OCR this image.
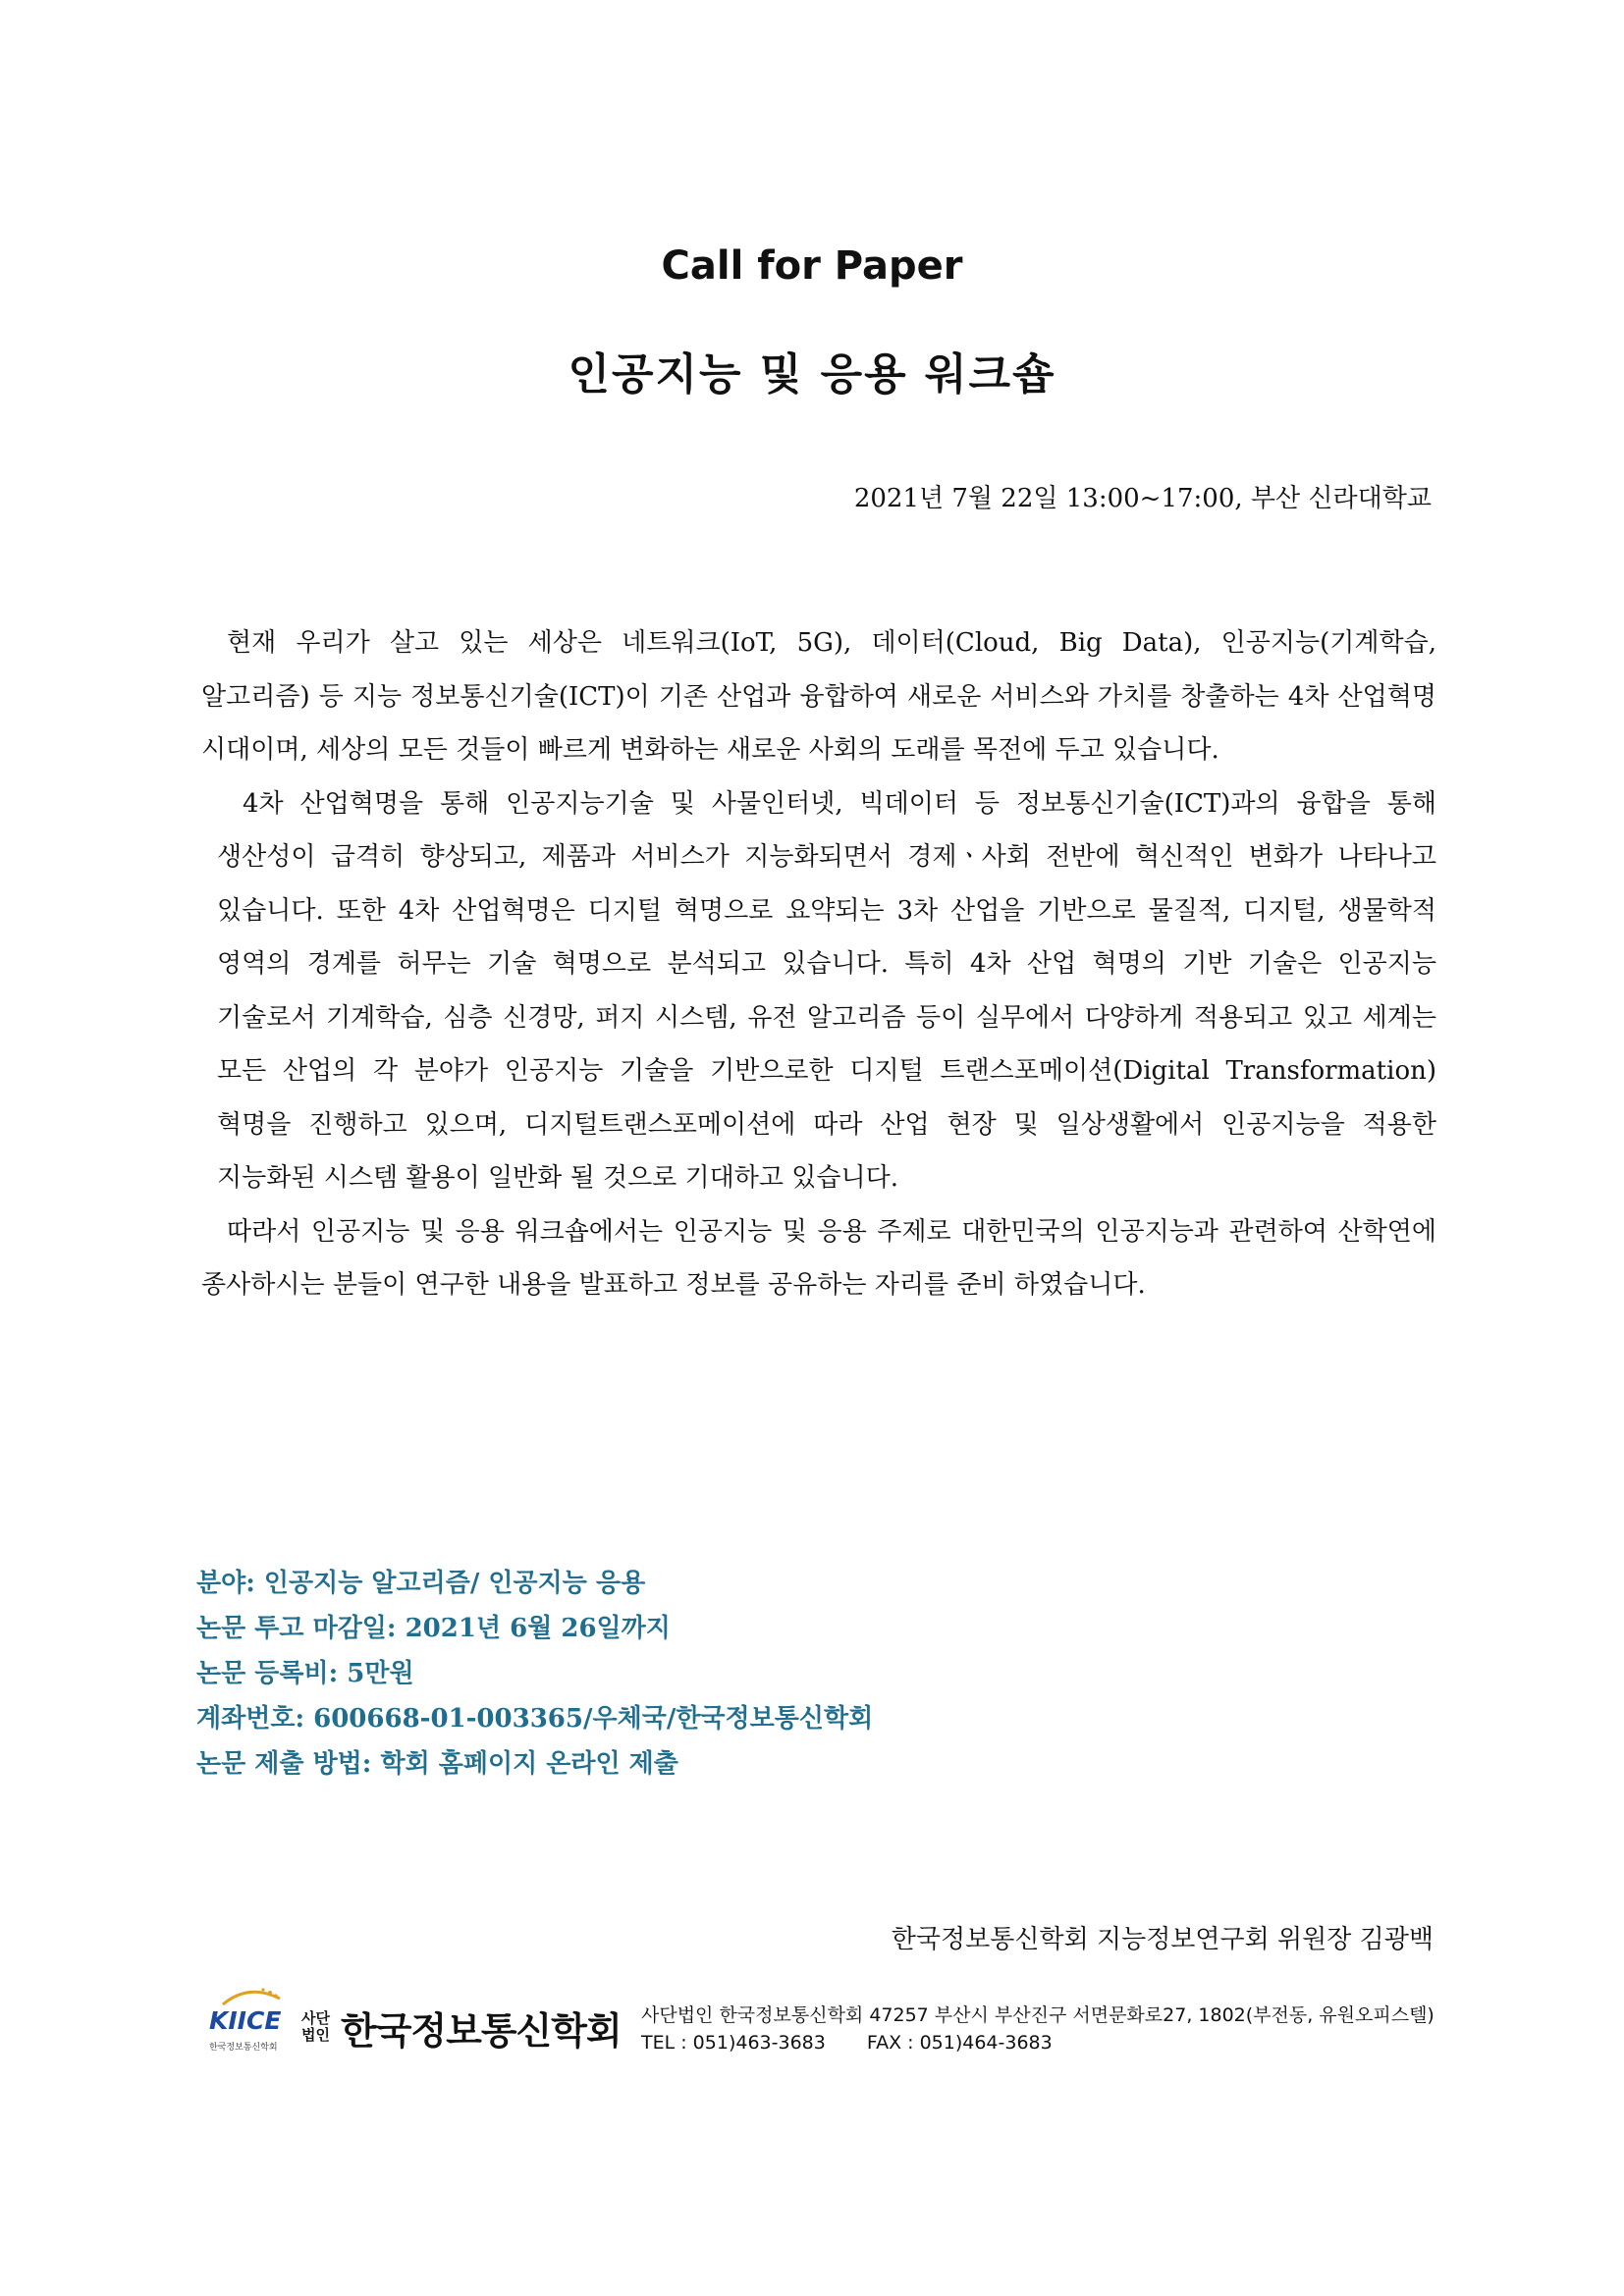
Call for Paper
인공지능 및 응용 워크숍
2021년 7월 22일 13:00~17:00, 부산 신라대학교

현재 우리가 살고 있는 세상은 네트워크(IoT, 5G), 데이터(Cloud, Big Data), 인공지능(기계학습, 알고리즘) 등 지능 정보통신기술(ICT)이 기존 산업과 융합하여 새로운 서비스와 가치를 창출하는 4차 산업혁명 시대이며, 세상의 모든 것들이 빠르게 변화하는 새로운 사회의 도래를 목전에 두고 있습니다.

4차 산업혁명을 통해 인공지능기술 및 사물인터넷, 빅데이터 등 정보통신기술(ICT)과의 융합을 통해 생산성이 급격히 향상되고, 제품과 서비스가 지능화되면서 경제ㆍ사회 전반에 혁신적인 변화가 나타나고 있습니다. 또한 4차 산업혁명은 디지털 혁명으로 요약되는 3차 산업을 기반으로 물질적, 디지털, 생물학적 영역의 경계를 허무는 기술 혁명으로 분석되고 있습니다. 특히 4차 산업 혁명의 기반 기술은 인공지능 기술로서 기계학습, 심층 신경망, 퍼지 시스템, 유전 알고리즘 등이 실무에서 다양하게 적용되고 있고 세계는 모든 산업의 각 분야가 인공지능 기술을 기반으로한 디지털 트랜스포메이션(Digital Transformation) 혁명을 진행하고 있으며, 디지털트랜스포메이션에 따라 산업 현장 및 일상생활에서 인공지능을 적용한 지능화된 시스템 활용이 일반화 될 것으로 기대하고 있습니다.

따라서 인공지능 및 응용 워크숍에서는 인공지능 및 응용 주제로 대한민국의 인공지능과 관련하여 산학연에 종사하시는 분들이 연구한 내용을 발표하고 정보를 공유하는 자리를 준비 하였습니다.

분야: 인공지능 알고리즘/ 인공지능 응용
논문 투고 마감일: 2021년 6월 26일까지
논문 등록비: 5만원
계좌번호: 600668-01-003365/우체국/한국정보통신학회
논문 제출 방법: 학회 홈페이지 온라인 제출
한국정보통신학회 지능정보연구회 위원장 김광백
KIICE
한국정보통신학회
사단법인 한국정보통신학회 사단법인 한국정보통신학회 47257 부산시 부산진구 서면문화로27, 1802(부전동, 유원오피스텔)
TEL : 051)463-3683 FAX : 051)464-3683
